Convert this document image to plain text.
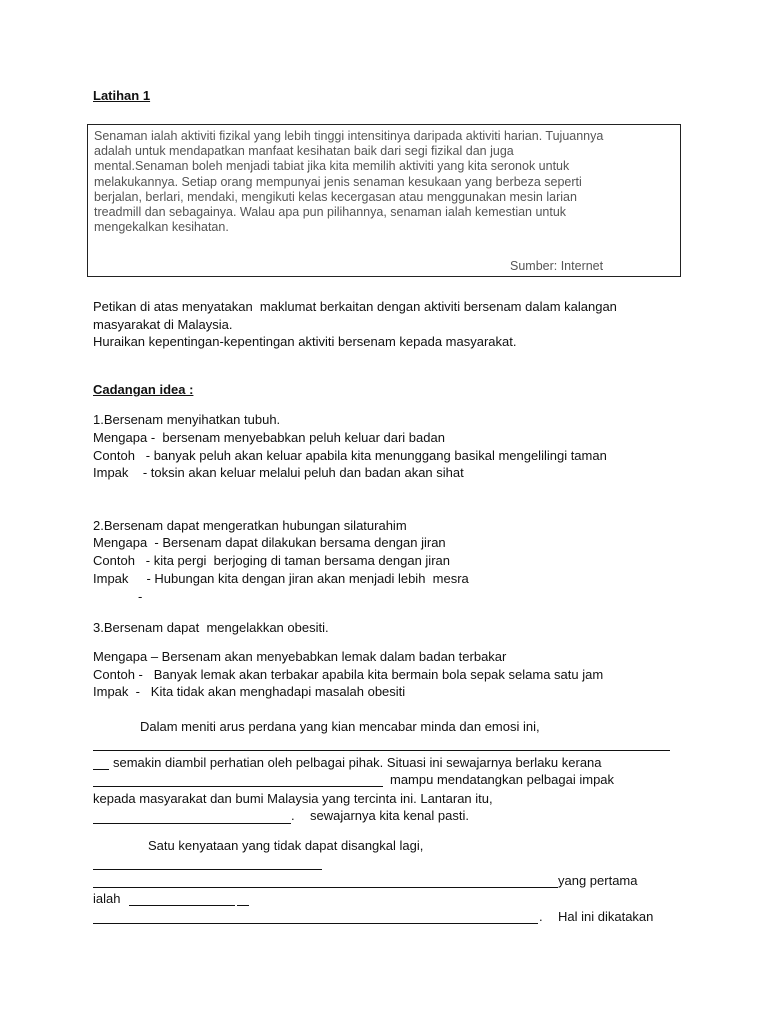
Latihan 1
Senaman ialah aktiviti fizikal yang lebih tinggi intensitinya daripada aktiviti harian. Tujuannya
adalah untuk mendapatkan manfaat kesihatan baik dari segi fizikal dan juga
mental.Senaman boleh menjadi tabiat jika kita memilih aktiviti yang kita seronok untuk
melakukannya. Setiap orang mempunyai jenis senaman kesukaan yang berbeza seperti
berjalan, berlari, mendaki, mengikuti kelas kecergasan atau menggunakan mesin larian
treadmill dan sebagainya. Walau apa pun pilihannya, senaman ialah kemestian untuk
mengekalkan kesihatan.
Sumber: Internet
Petikan di atas menyatakan  maklumat berkaitan dengan aktiviti bersenam dalam kalangan
masyarakat di Malaysia.
Huraikan kepentingan-kepentingan aktiviti bersenam kepada masyarakat.
Cadangan idea :
1.Bersenam menyihatkan tubuh.
Mengapa -  bersenam menyebabkan peluh keluar dari badan
Contoh   - banyak peluh akan keluar apabila kita menunggang basikal mengelilingi taman
Impak    - toksin akan keluar melalui peluh dan badan akan sihat
2.Bersenam dapat mengeratkan hubungan silaturahim
Mengapa  - Bersenam dapat dilakukan bersama dengan jiran
Contoh   - kita pergi  berjoging di taman bersama dengan jiran
Impak     - Hubungan kita dengan jiran akan menjadi lebih  mesra
-
3.Bersenam dapat  mengelakkan obesiti.
Mengapa – Bersenam akan menyebabkan lemak dalam badan terbakar
Contoh -   Banyak lemak akan terbakar apabila kita bermain bola sepak selama satu jam
Impak  -   Kita tidak akan menghadapi masalah obesiti
Dalam meniti arus perdana yang kian mencabar minda dan emosi ini,
semakin diambil perhatian oleh pelbagai pihak. Situasi ini sewajarnya berlaku kerana
mampu mendatangkan pelbagai impak
kepada masyarakat dan bumi Malaysia yang tercinta ini. Lantaran itu,
. sewajarnya kita kenal pasti.
Satu kenyataan yang tidak dapat disangkal lagi,
yang pertama
ialah
. Hal ini dikatakan
